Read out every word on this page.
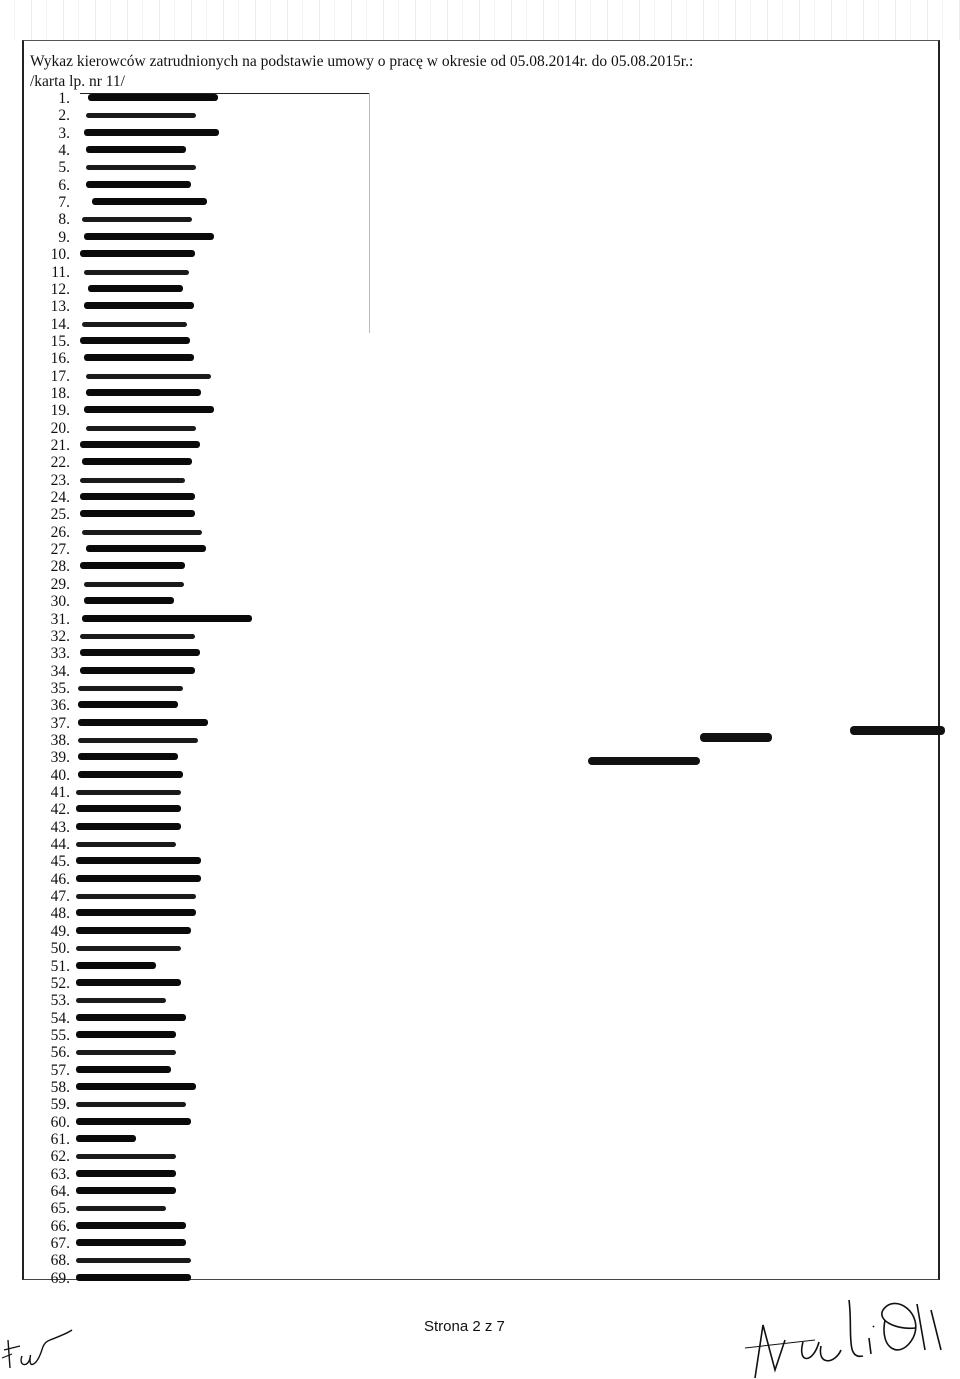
Wykaz kierowców zatrudnionych na podstawie umowy o pracę w okresie od 05.08.2014r. do 05.08.2015r.:
/karta lp. nr 11/
1.
2.
3.
4.
5.
6.
7.
8.
9.
10.
11.
12.
13.
14.
15.
16.
17.
18.
19.
20.
21.
22.
23.
24.
25.
26.
27.
28.
29.
30.
31.
32.
33.
34.
35.
36.
37.
38.
39.
40.
41.
42.
43.
44.
45.
46.
47.
48.
49.
50.
51.
52.
53.
54.
55.
56.
57.
58.
59.
60.
61.
62.
63.
64.
65.
66.
67.
68.
69.
Strona 2 z 7
